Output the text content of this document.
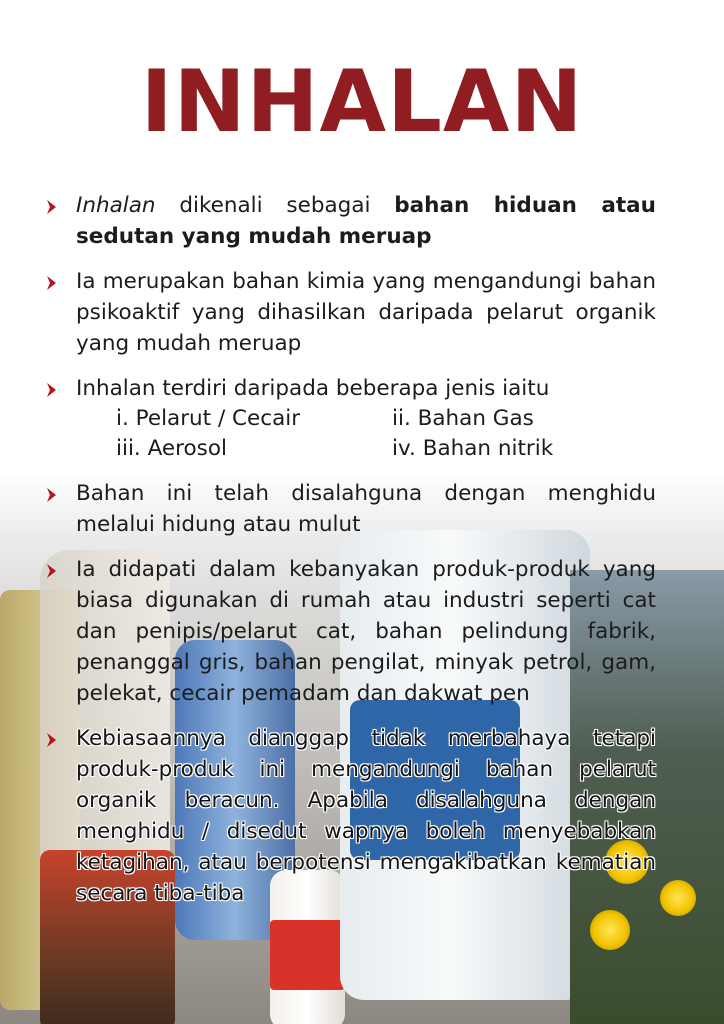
INHALAN
Inhalan dikenali sebagai bahan hiduan atau sedutan yang mudah meruap
Ia merupakan bahan kimia yang mengandungi bahan psikoaktif yang dihasilkan daripada pelarut organik yang mudah meruap
Inhalan terdiri daripada beberapa jenis iaitu
i. Pelarut / Cecair	ii. Bahan Gas
iii. Aerosol	iv. Bahan nitrik
Bahan ini telah disalahguna dengan menghidu melalui hidung atau mulut
Ia didapati dalam kebanyakan produk-produk yang biasa digunakan di rumah atau industri seperti cat dan penipis/pelarut cat, bahan pelindung fabrik, penanggal gris, bahan pengilat, minyak petrol, gam, pelekat, cecair pemadam dan dakwat pen
Kebiasaannya dianggap tidak merbahaya tetapi produk-produk ini mengandungi bahan pelarut organik beracun. Apabila disalahguna dengan menghidu / disedut wapnya boleh menyebabkan ketagihan, atau berpotensi mengakibatkan kematian secara tiba-tiba
